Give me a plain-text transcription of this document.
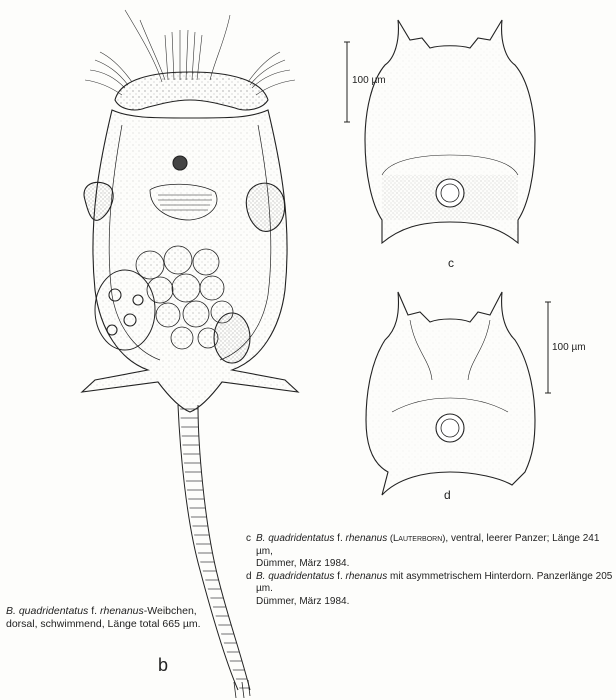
b
c
d
100 µm
100 µm
B. quadridentatus f. rhenanus-Weibchen,
dorsal, schwimmend, Länge total 665 µm.
c B. quadridentatus f. rhenanus (Lauterborn), ventral, leerer Panzer; Länge 241 µm,
Dümmer, März 1984.
d B. quadridentatus f. rhenanus mit asymmetrischem Hinterdorn. Panzerlänge 205 µm.
Dümmer, März 1984.
